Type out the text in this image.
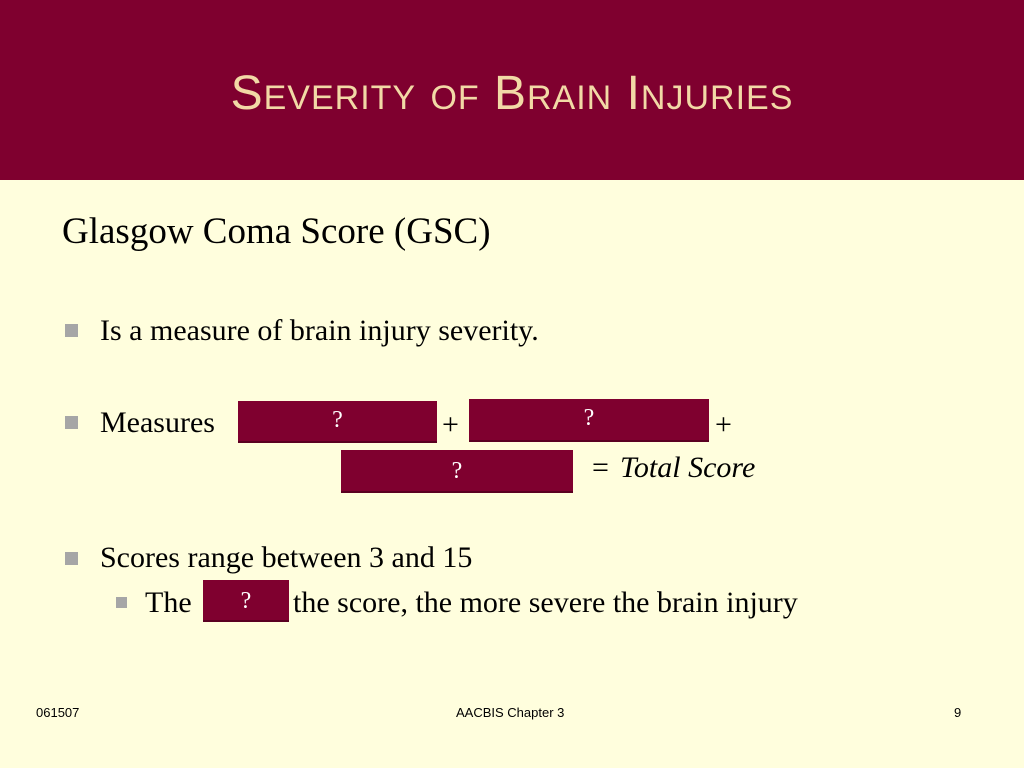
Severity of Brain Injuries
Glasgow Coma Score (GSC)
Is a measure of brain injury severity.
Measures	?	+	?	+
?	= Total Score
Scores range between 3 and 15
The	?	the score, the more severe the brain injury
061507	AACBIS Chapter 3	9
